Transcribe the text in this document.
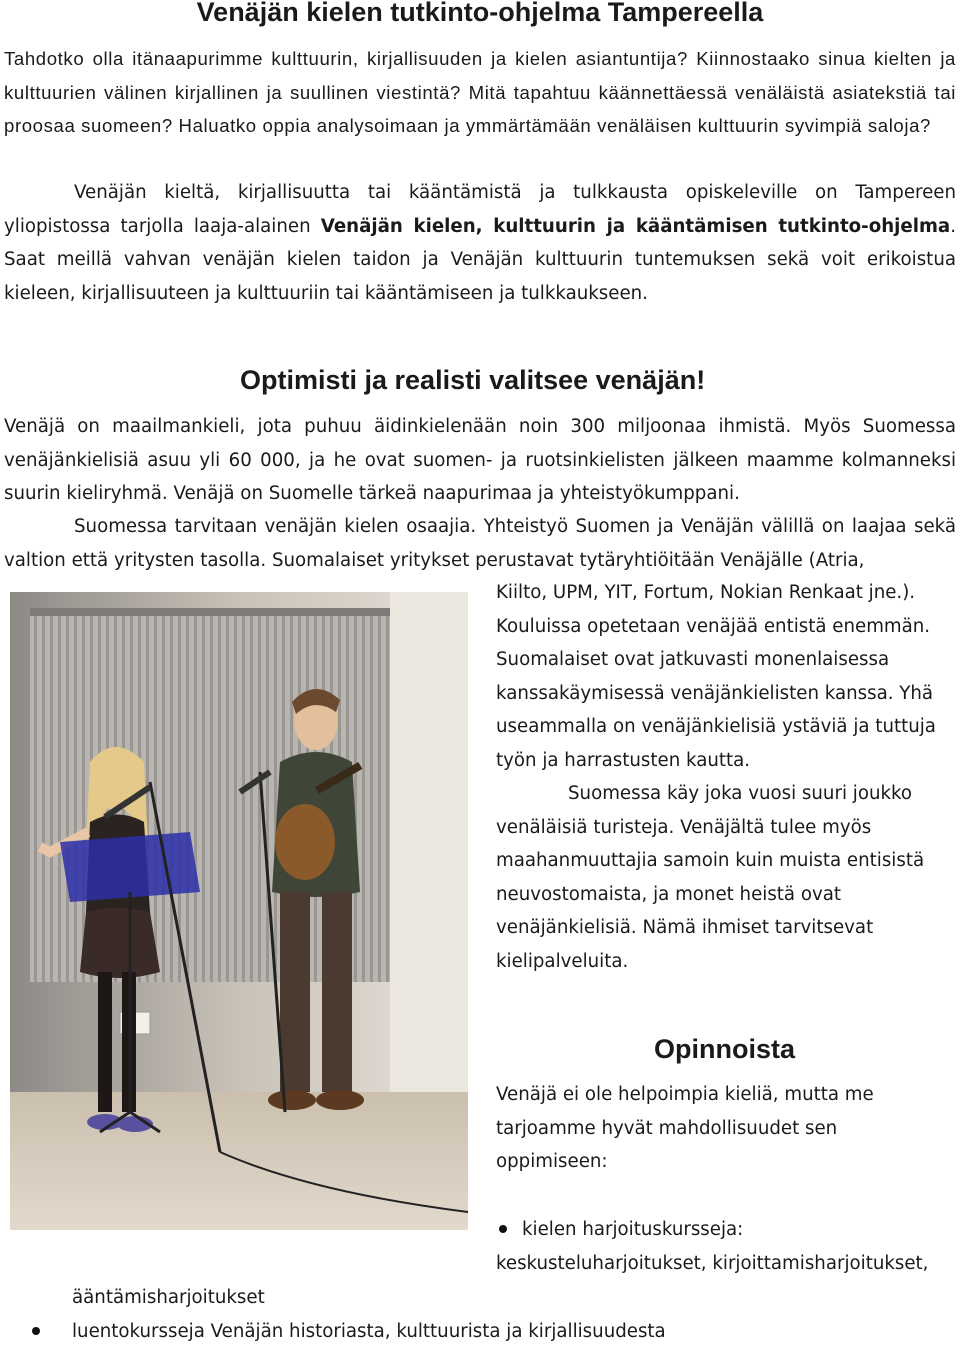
Venäjän kielen tutkinto-ohjelma Tampereella

Tahdotko olla itänaapurimme kulttuurin, kirjallisuuden ja kielen asiantuntija? Kiinnostaako sinua kielten ja kulttuurien välinen kirjallinen ja suullinen viestintä? Mitä tapahtuu käännettäessä venäläistä asiatekstiä tai proosaa suomeen? Haluatko oppia analysoimaan ja ymmärtämään venäläisen kulttuurin syvimpiä saloja?

Venäjän kieltä, kirjallisuutta tai kääntämistä ja tulkkausta opiskeleville on Tampereen yliopistossa tarjolla laaja-alainen Venäjän kielen, kulttuurin ja kääntämisen tutkinto-ohjelma. Saat meillä vahvan venäjän kielen taidon ja Venäjän kulttuurin tuntemuksen sekä voit erikoistua kieleen, kirjallisuuteen ja kulttuuriin tai kääntämiseen ja tulkkaukseen.

Optimisti ja realisti valitsee venäjän!

Venäjä on maailmankieli, jota puhuu äidinkielenään noin 300 miljoonaa ihmistä. Myös Suomessa venäjänkielisiä asuu yli 60 000, ja he ovat suomen- ja ruotsinkielisten jälkeen maamme kolmanneksi suurin kieliryhmä. Venäjä on Suomelle tärkeä naapurimaa ja yhteistyökumppani.

Suomessa tarvitaan venäjän kielen osaajia. Yhteistyö Suomen ja Venäjän välillä on laajaa sekä valtion että yritysten tasolla. Suomalaiset yritykset perustavat tytäryhtiöitään Venäjälle (Atria,

Kiilto, UPM, YIT, Fortum, Nokian Renkaat jne.). Kouluissa opetetaan venäjää entistä enemmän. Suomalaiset ovat jatkuvasti monenlaisessa kanssakäymisessä venäjänkielisten kanssa. Yhä useammalla on venäjänkielisiä ystäviä ja tuttuja työn ja harrastusten kautta.

Suomessa käy joka vuosi suuri joukko venäläisiä turisteja. Venäjältä tulee myös maahanmuuttajia samoin kuin muista entisistä neuvostomaista, ja monet heistä ovat venäjänkielisiä. Nämä ihmiset tarvitsevat kielipalveluita.

Opinnoista

Venäjä ei ole helpoimpia kieliä, mutta me tarjoamme hyvät mahdollisuudet sen oppimiseen:

kielen harjoituskursseja:

keskusteluharjoitukset, kirjoittamisharjoitukset,

ääntämisharjoitukset

luentokursseja Venäjän historiasta, kulttuurista ja kirjallisuudesta
